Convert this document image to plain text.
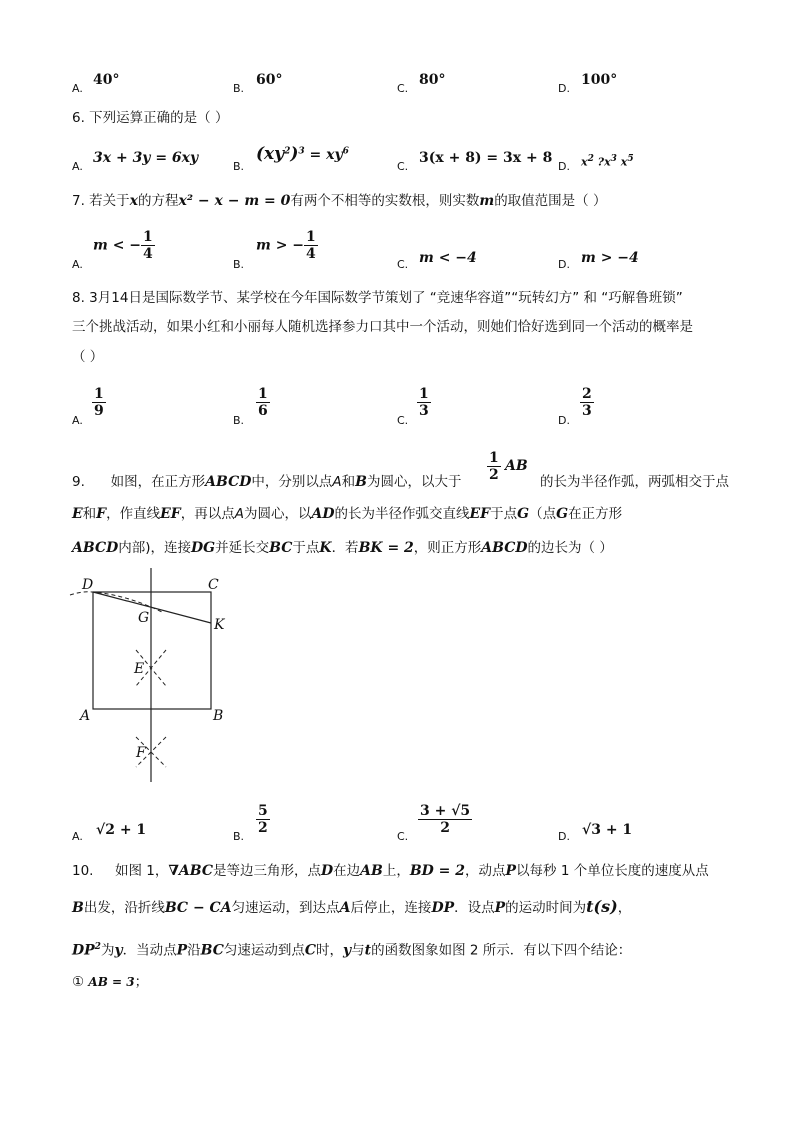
A.
40°
B.
60°
C.
80°
D.
100°
6. 下列运算正确的是（ ）
A.
3x + 3y = 6xy
B.
$(xy^2)^3 = xy^6$
C.
3(x + 8) = 3x + 8
D. $x^2$ $?x^3$ $x^5$
7. 若关于x的方程x² − x − m = 0有两个不相等的实数根，则实数m的取值范围是（ ）
A.
m < − $\frac{1}{4}$
B.
m > − $\frac{1}{4}$
C. m < −4	D. m > −4
8. 3月14日是国际数学节、某学校在今年国际数学节策划了 “竞速华容道”“玩转幻方” 和 “巧解鲁班锁”
三个挑战活动，如果小红和小丽每人随机选择参力口其中一个活动，则她们恰好选到同一个活动的概率是
（ ）
A.
$\frac{1}{9}$
B.
$\frac{1}{6}$
C.
$\frac{1}{3}$
D.
$\frac{2}{3}$
9. 如图，在正方形ABCD中，分别以点A和B为圆心，以大于 $\frac{1}{2}$ AB
的长为半径作弧，两弧相交于点
E和F，作直线EF，再以点A为圆心，以AD的长为半径作弧交直线EF于点G（点G在正方形
ABCD内部)，连接DG并延长交BC于点K．若BK = 2，则正方形ABCD的边长为（ ）
D	C
G	K
E
A	B
F
A. √2 + 1	B.
$\frac{5}{2}$
C.
$\frac{3 + √5}{2}$
D. √3 + 1
10. 如图 1，∇ABC是等边三角形，点D在边AB上，BD = 2，动点P以每秒 1 个单位长度的速度从点
B出发，沿折线BC − CA匀速运动，到达点A后停止，连接DP．设点P的运动时间为t(s)，
$DP^2$为y．当动点P沿BC匀速运动到点C时，y与t的函数图象如图 2 所示．有以下四个结论：
① AB = 3；
